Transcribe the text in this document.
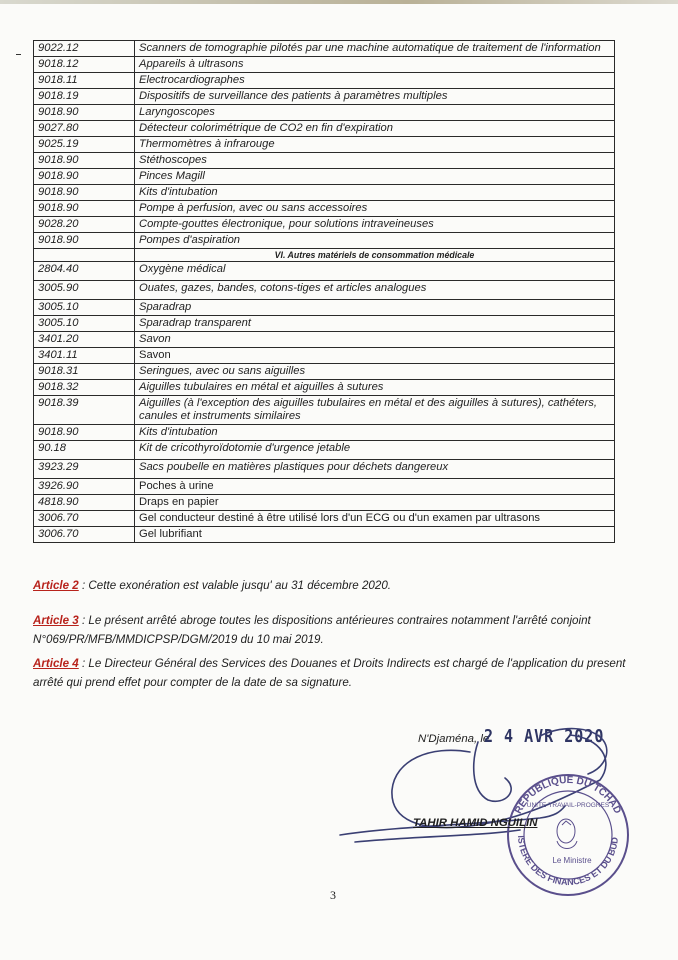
9022.12	Scanners de tomographie pilotés par une machine automatique de traitement de l'information
9018.12	Appareils à ultrasons
9018.11	Electrocardiographes
9018.19	Dispositifs de surveillance des patients à paramètres multiples
9018.90	Laryngoscopes
9027.80	Détecteur colorimétrique de CO2 en fin d'expiration
9025.19	Thermomètres à infrarouge
9018.90	Stéthoscopes
9018.90	Pinces Magill
9018.90	Kits d'intubation
9018.90	Pompe à perfusion, avec ou sans accessoires
9028.20	Compte-gouttes électronique, pour solutions intraveineuses
9018.90	Pompes d'aspiration
	VI. Autres matériels de consommation médicale
2804.40	Oxygène médical
3005.90	Ouates, gazes, bandes, cotons-tiges et articles analogues
3005.10	Sparadrap
3005.10	Sparadrap transparent
3401.20	Savon
3401.11	Savon
9018.31	Seringues, avec ou sans aiguilles
9018.32	Aiguilles tubulaires en métal et aiguilles à sutures
9018.39	Aiguilles (à l'exception des aiguilles tubulaires en métal et des aiguilles à sutures), cathéters, canules et instruments similaires
9018.90	Kits d'intubation
90.18	Kit de cricothyroïdotomie d'urgence jetable
3923.29	Sacs poubelle en matières plastiques pour déchets dangereux
3926.90	Poches à urine
4818.90	Draps en papier
3006.70	Gel conducteur destiné à être utilisé lors d'un ECG ou d'un examen par ultrasons
3006.70	Gel lubrifiant
Article 2 : Cette exonération est valable jusqu' au 31 décembre 2020.
Article 3 : Le présent arrêté abroge toutes les dispositions antérieures contraires notamment l'arrêté conjoint N°069/PR/MFB/MMDICPSP/DGM/2019 du 10 mai 2019.
Article 4 : Le Directeur Général des Services des Douanes et Droits Indirects est chargé de l'application du present arrêté qui prend effet pour compter de la date de sa signature.
N'Djaména, le
2 4 AVR 2020
REPUBLIQUE DU TCHAD
MINISTERE DES FINANCES ET DU BUDGET
UNITE-TRAVAIL-PROGRES
Le Ministre
TAHIR HAMID NGUILIN
3
